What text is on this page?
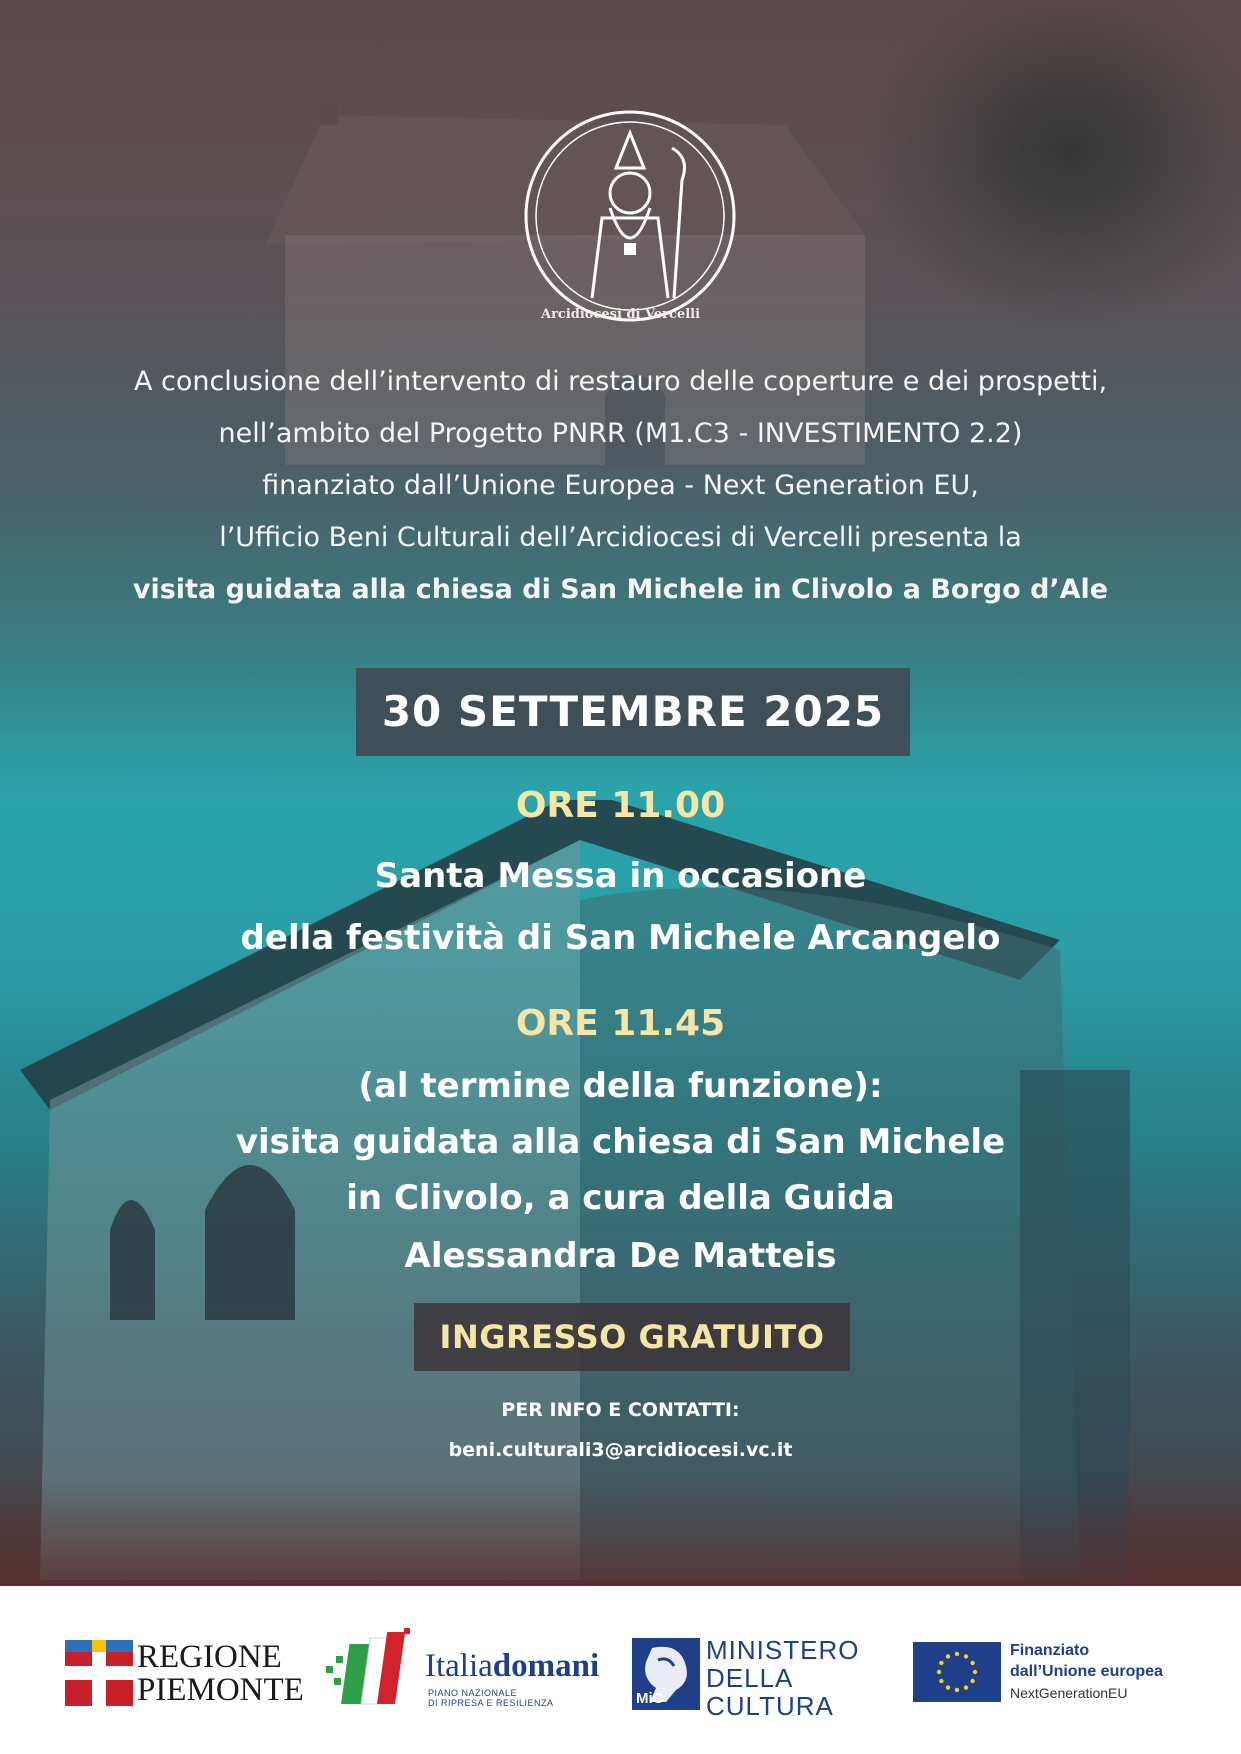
Arcidiocesi di Vercelli
A conclusione dell’intervento di restauro delle coperture e dei prospetti,
nell’ambito del Progetto PNRR (M1.C3 - INVESTIMENTO 2.2)
finanziato dall’Unione Europea - Next Generation EU,
l’Ufficio Beni Culturali dell’Arcidiocesi di Vercelli presenta la
visita guidata alla chiesa di San Michele in Clivolo a Borgo d’Ale
30 SETTEMBRE 2025
ORE 11.00
Santa Messa in occasione
della festività di San Michele Arcangelo
ORE 11.45
(al termine della funzione):
visita guidata alla chiesa di San Michele
in Clivolo, a cura della Guida
Alessandra De Matteis
INGRESSO GRATUITO
PER INFO E CONTATTI:
beni.culturali3@arcidiocesi.vc.it
REGIONE
PIEMONTE
Italiadomani
PIANO NAZIONALE
DI RIPRESA E RESILIENZA	MiC
MINISTERO
DELLA
CULTURA
Finanziato
dall’Unione europea
NextGenerationEU
